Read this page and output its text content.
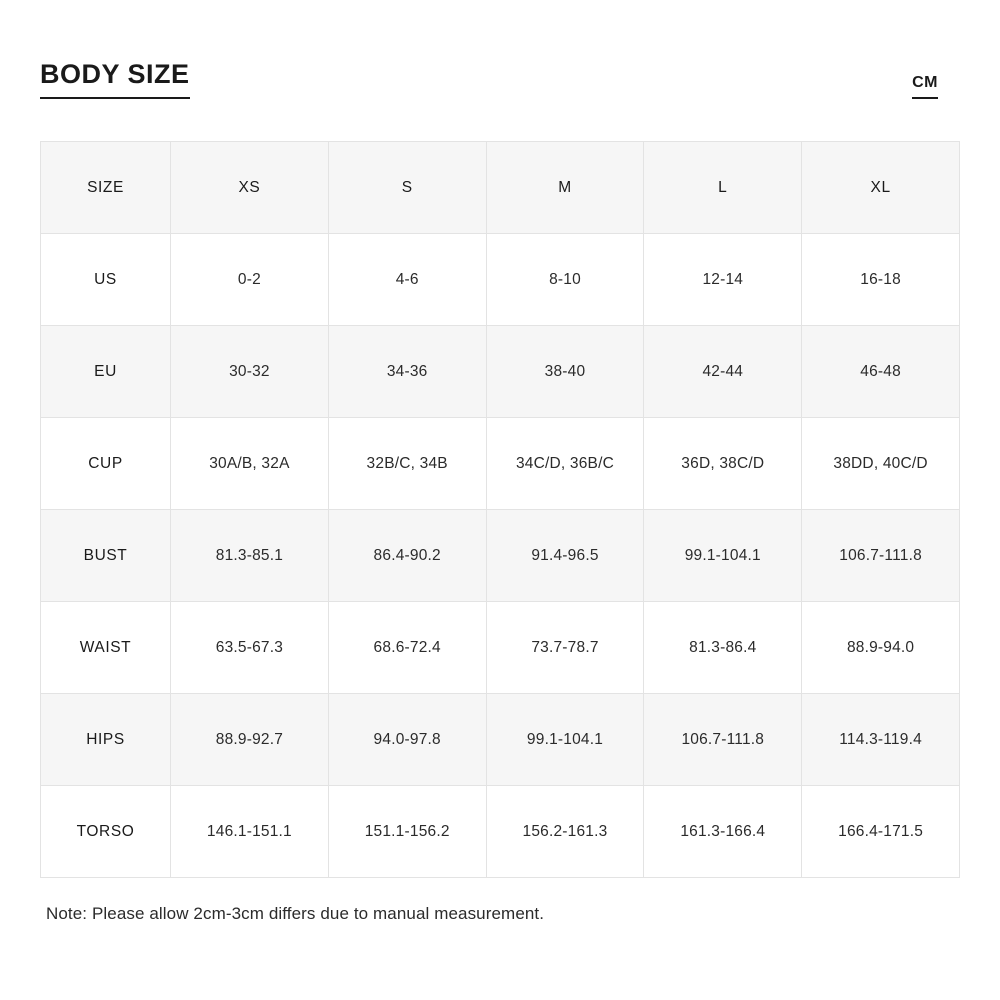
BODY SIZE	CM
SIZE	XS	S	M	L	XL
US	0-2	4-6	8-10	12-14	16-18
EU	30-32	34-36	38-40	42-44	46-48
CUP	30A/B, 32A	32B/C, 34B	34C/D, 36B/C	36D, 38C/D	38DD, 40C/D
BUST	81.3-85.1	86.4-90.2	91.4-96.5	99.1-104.1	106.7-111.8
WAIST	63.5-67.3	68.6-72.4	73.7-78.7	81.3-86.4	88.9-94.0
HIPS	88.9-92.7	94.0-97.8	99.1-104.1	106.7-111.8	114.3-119.4
TORSO	146.1-151.1	151.1-156.2	156.2-161.3	161.3-166.4	166.4-171.5
Note: Please allow 2cm-3cm differs due to manual measurement.
